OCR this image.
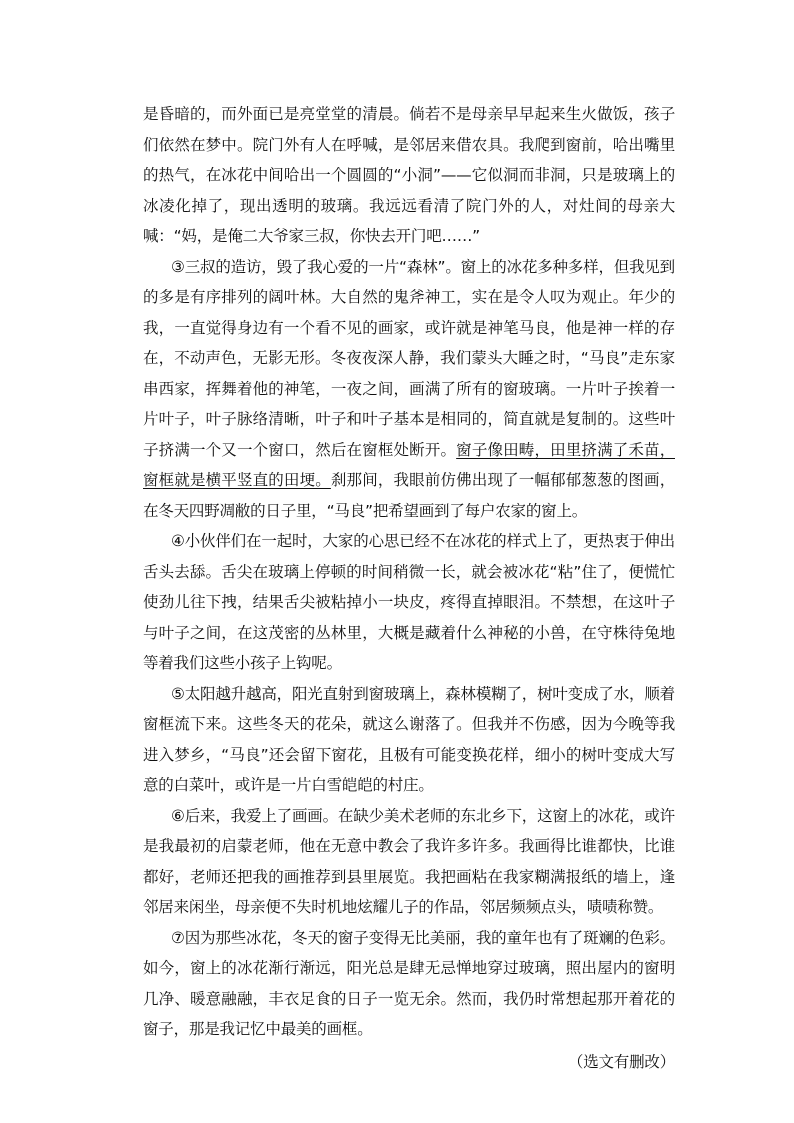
是昏暗的，而外面已是亮堂堂的清晨。倘若不是母亲早早起来生火做饭，孩子们依然在梦中。院门外有人在呼喊，是邻居来借农具。我爬到窗前，哈出嘴里的热气，在冰花中间哈出一个圆圆的“小洞”——它似洞而非洞，只是玻璃上的冰凌化掉了，现出透明的玻璃。我远远看清了院门外的人，对灶间的母亲大喊：“妈，是俺二大爷家三叔，你快去开门吧……”

③三叔的造访，毁了我心爱的一片“森林”。窗上的冰花多种多样，但我见到的多是有序排列的阔叶林。大自然的鬼斧神工，实在是令人叹为观止。年少的我，一直觉得身边有一个看不见的画家，或许就是神笔马良，他是神一样的存在，不动声色，无影无形。冬夜夜深人静，我们蒙头大睡之时，“马良”走东家串西家，挥舞着他的神笔，一夜之间，画满了所有的窗玻璃。一片叶子挨着一片叶子，叶子脉络清晰，叶子和叶子基本是相同的，简直就是复制的。这些叶子挤满一个又一个窗口，然后在窗框处断开。窗子像田畴，田里挤满了禾苗，窗框就是横平竖直的田埂。刹那间，我眼前仿佛出现了一幅郁郁葱葱的图画，在冬天四野凋敝的日子里，“马良”把希望画到了每户农家的窗上。

④小伙伴们在一起时，大家的心思已经不在冰花的样式上了，更热衷于伸出舌头去舔。舌尖在玻璃上停顿的时间稍微一长，就会被冰花“粘”住了，便慌忙使劲儿往下拽，结果舌尖被粘掉小一块皮，疼得直掉眼泪。不禁想，在这叶子与叶子之间，在这茂密的丛林里，大概是藏着什么神秘的小兽，在守株待兔地等着我们这些小孩子上钩呢。

⑤太阳越升越高，阳光直射到窗玻璃上，森林模糊了，树叶变成了水，顺着窗框流下来。这些冬天的花朵，就这么谢落了。但我并不伤感，因为今晚等我进入梦乡，“马良”还会留下窗花，且极有可能变换花样，细小的树叶变成大写意的白菜叶，或许是一片白雪皑皑的村庄。

⑥后来，我爱上了画画。在缺少美术老师的东北乡下，这窗上的冰花，或许是我最初的启蒙老师，他在无意中教会了我许多许多。我画得比谁都快，比谁都好，老师还把我的画推荐到县里展览。我把画粘在我家糊满报纸的墙上，逢邻居来闲坐，母亲便不失时机地炫耀儿子的作品，邻居频频点头，啧啧称赞。

⑦因为那些冰花，冬天的窗子变得无比美丽，我的童年也有了斑斓的色彩。如今，窗上的冰花渐行渐远，阳光总是肆无忌惮地穿过玻璃，照出屋内的窗明几净、暖意融融，丰衣足食的日子一览无余。然而，我仍时常想起那开着花的窗子，那是我记忆中最美的画框。

（选文有删改）
